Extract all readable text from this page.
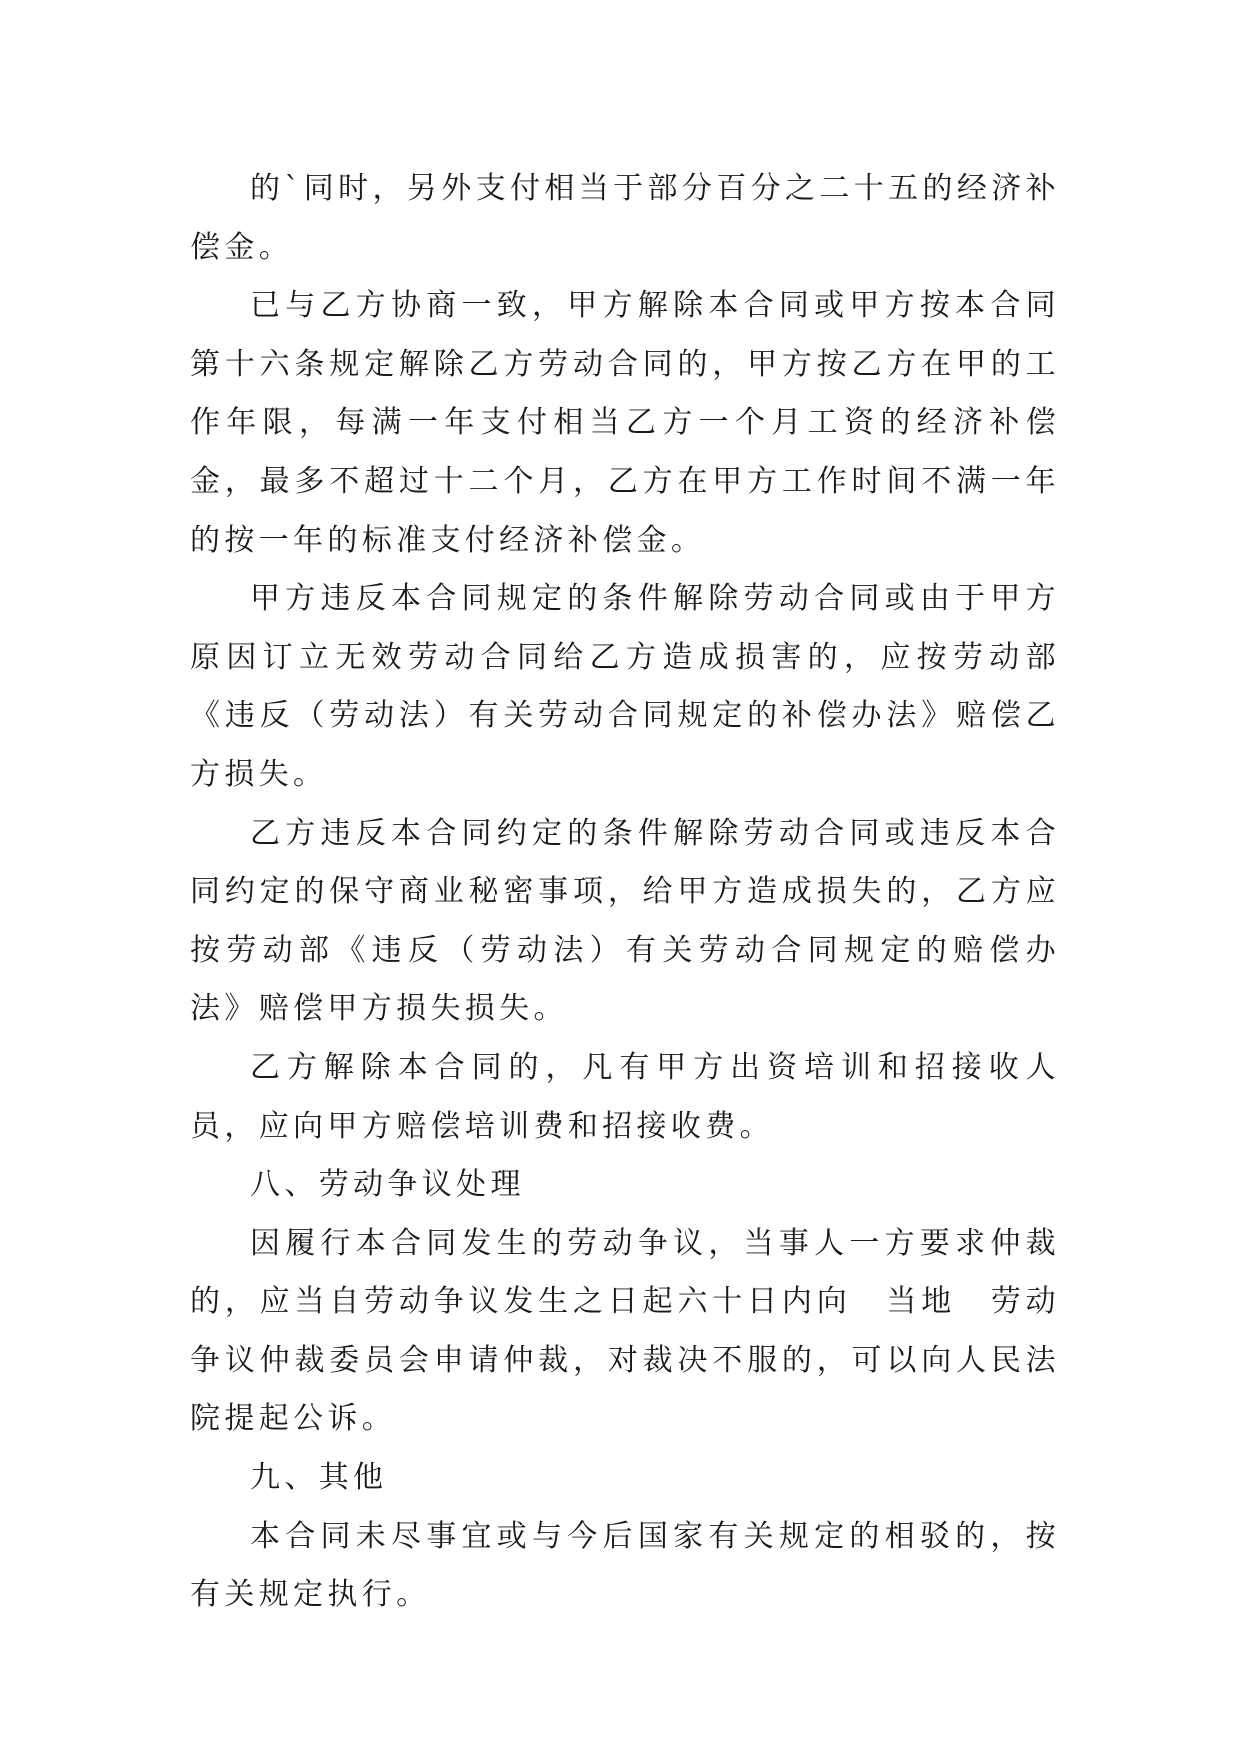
的`同时，另外支付相当于部分百分之二十五的经济补偿金。

已与乙方协商一致，甲方解除本合同或甲方按本合同第十六条规定解除乙方劳动合同的，甲方按乙方在甲的工作年限，每满一年支付相当乙方一个月工资的经济补偿金，最多不超过十二个月，乙方在甲方工作时间不满一年的按一年的标准支付经济补偿金。

甲方违反本合同规定的条件解除劳动合同或由于甲方原因订立无效劳动合同给乙方造成损害的，应按劳动部《违反（劳动法）有关劳动合同规定的补偿办法》赔偿乙方损失。

乙方违反本合同约定的条件解除劳动合同或违反本合同约定的保守商业秘密事项，给甲方造成损失的，乙方应按劳动部《违反（劳动法）有关劳动合同规定的赔偿办法》赔偿甲方损失损失。

乙方解除本合同的，凡有甲方出资培训和招接收人员，应向甲方赔偿培训费和招接收费。

八、劳动争议处理

因履行本合同发生的劳动争议，当事人一方要求仲裁的，应当自劳动争议发生之日起六十日内向　当地　劳动争议仲裁委员会申请仲裁，对裁决不服的，可以向人民法院提起公诉。

九、其他

本合同未尽事宜或与今后国家有关规定的相驳的，按有关规定执行。
